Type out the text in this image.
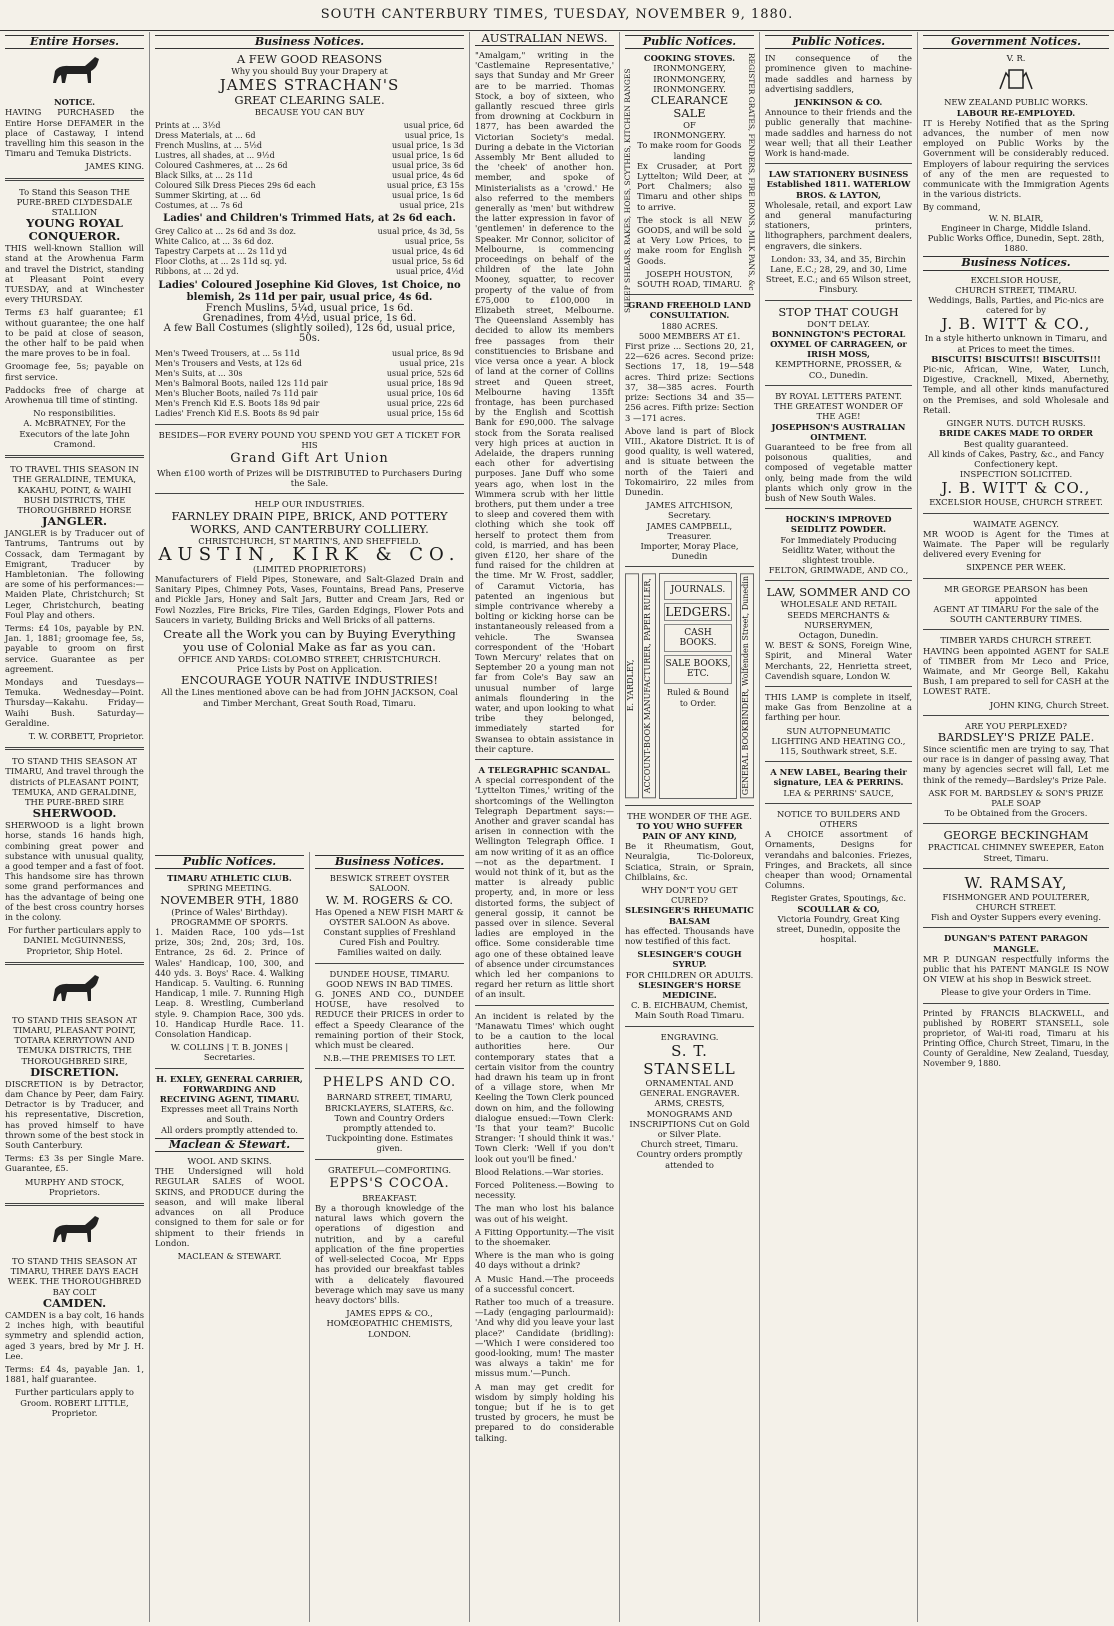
SOUTH CANTERBURY TIMES, TUESDAY, NOVEMBER 9, 1880.
Entire Horses.
NOTICE.

HAVING PURCHASED the Entire Horse DEFAMER in the place of Castaway, I intend travelling him this season in the Timaru and Temuka Districts.

JAMES KING.
To Stand this Season THE PURE-BRED CLYDESDALE STALLION
YOUNG ROYAL CONQUEROR.

THIS well-known Stallion will stand at the Arowhenua Farm and travel the District, standing at Pleasant Point every TUESDAY, and at Winchester every THURSDAY.

Terms £3 half guarantee; £1 without guarantee; the one half to be paid at close of season, the other half to be paid when the mare proves to be in foal.

Groomage fee, 5s; payable on first service.

Paddocks free of charge at Arowhenua till time of stinting.

No responsibilities.
A. McBRATNEY, For the Executors of the late John Cramond.
TO TRAVEL THIS SEASON IN THE GERALDINE, TEMUKA, KAKAHU, POINT, & WAIHI BUSH DISTRICTS, THE THOROUGHBRED HORSE
JANGLER.

JANGLER is by Traducer out of Tantrums, Tantrums out by Cossack, dam Termagant by Emigrant, Traducer by Hambletonian. The following are some of his performances:—Maiden Plate, Christchurch; St Leger, Christchurch, beating Foul Play and others.

Terms: £4 10s, payable by P.N. Jan. 1, 1881; groomage fee, 5s, payable to groom on first service. Guarantee as per agreement.

Mondays and Tuesdays—Temuka. Wednesday—Point. Thursday—Kakahu. Friday—Waihi Bush. Saturday—Geraldine.

T. W. CORBETT, Proprietor.
TO STAND THIS SEASON AT TIMARU, And travel through the districts of PLEASANT POINT, TEMUKA, AND GERALDINE, THE PURE-BRED SIRE
SHERWOOD.

SHERWOOD is a light brown horse, stands 16 hands high, combining great power and substance with unusual quality, a good temper and a fast of foot. This handsome sire has thrown some grand performances and has the advantage of being one of the best cross country horses in the colony.

For further particulars apply to DANIEL McGUINNESS, Proprietor, Ship Hotel.
TO STAND THIS SEASON AT TIMARU, PLEASANT POINT, TOTARA KERRYTOWN AND TEMUKA DISTRICTS, THE THOROUGHBRED SIRE,
DISCRETION.

DISCRETION is by Detractor, dam Chance by Peer, dam Fairy. Detractor is by Traducer, and his representative, Discretion, has proved himself to have thrown some of the best stock in South Canterbury.

Terms: £3 3s per Single Mare. Guarantee, £5.

MURPHY AND STOCK, Proprietors.
TO STAND THIS SEASON AT TIMARU, THREE DAYS EACH WEEK. THE THOROUGHBRED BAY COLT
CAMDEN.

CAMDEN is a bay colt, 16 hands 2 inches high, with beautiful symmetry and splendid action, aged 3 years, bred by Mr J. H. Lee.

Terms: £4 4s, payable Jan. 1, 1881, half guarantee.

Further particulars apply to Groom. ROBERT LITTLE, Proprietor.
Business Notices.
A FEW GOOD REASONS
Why you should Buy your Drapery at
JAMES STRACHAN'S
GREAT CLEARING SALE.
BECAUSE YOU CAN BUY
Prints at ... 3½d	usual price, 6d
Dress Materials, at ... 6d	usual price, 1s
French Muslins, at ... 5½d	usual price, 1s 3d
Lustres, all shades, at ... 9½d	usual price, 1s 6d
Coloured Cashmeres, at ... 2s 6d	usual price, 3s 6d
Black Silks, at ... 2s 11d	usual price, 4s 6d
Coloured Silk Dress Pieces 29s 6d each	usual price, £3 15s
Summer Skirting, at ... 6d	usual price, 1s 6d
Costumes, at ... 7s 6d	usual price, 21s
Ladies' and Children's Trimmed Hats, at 2s 6d each.
Grey Calico at ... 2s 6d and 3s doz.	usual price, 4s 3d, 5s
White Calico, at ... 3s 6d doz.	usual price, 5s
Tapestry Carpets at ... 2s 11d yd	usual price, 4s 6d
Floor Cloths, at ... 2s 11d sq. yd.	usual price, 5s 6d
Ribbons, at ... 2d yd.	usual price, 4½d
Ladies' Coloured Josephine Kid Gloves, 1st Choice, no blemish, 2s 11d per pair, usual price, 4s 6d.
French Muslins, 5¼d, usual price, 1s 6d.
Grenadines, from 4½d, usual price, 1s 6d.
A few Ball Costumes (slightly soiled), 12s 6d, usual price, 50s.
Men's Tweed Trousers, at ... 5s 11d	usual price, 8s 9d
Men's Trousers and Vests, at 12s 6d	usual price, 21s
Men's Suits, at ... 30s	usual price, 52s 6d
Men's Balmoral Boots, nailed 12s 11d pair	usual price, 18s 9d
Men's Blucher Boots, nailed 7s 11d pair	usual price, 10s 6d
Men's French Kid E.S. Boots 18s 9d pair	usual price, 22s 6d
Ladies' French Kid E.S. Boots 8s 9d pair	usual price, 15s 6d
BESIDES—FOR EVERY POUND YOU SPEND YOU GET A TICKET FOR HIS
Grand Gift Art Union
When £100 worth of Prizes will be DISTRIBUTED to Purchasers During the Sale.
HELP OUR INDUSTRIES.
FARNLEY DRAIN PIPE, BRICK, AND POTTERY WORKS, AND CANTERBURY COLLIERY.
CHRISTCHURCH, ST MARTIN'S, AND SHEFFIELD.
AUSTIN, KIRK & CO.
(LIMITED PROPRIETORS)

Manufacturers of Field Pipes, Stoneware, and Salt-Glazed Drain and Sanitary Pipes, Chimney Pots, Vases, Fountains, Bread Pans, Preserve and Pickle Jars, Honey and Salt Jars, Butter and Cream Jars, Red or Fowl Nozzles, Fire Bricks, Fire Tiles, Garden Edgings, Flower Pots and Saucers in variety, Building Bricks and Well Bricks of all patterns.

Create all the Work you can by Buying Everything you use of Colonial Make as far as you can.
OFFICE AND YARDS: COLOMBO STREET, CHRISTCHURCH.
Price Lists by Post on Application.
ENCOURAGE YOUR NATIVE INDUSTRIES!
All the Lines mentioned above can be had from JOHN JACKSON, Coal and Timber Merchant, Great South Road, Timaru.
Public Notices.
TIMARU ATHLETIC CLUB.
SPRING MEETING.
NOVEMBER 9TH, 1880
(Prince of Wales' Birthday).
PROGRAMME OF SPORTS.

1. Maiden Race, 100 yds—1st prize, 30s; 2nd, 20s; 3rd, 10s. Entrance, 2s 6d. 2. Prince of Wales' Handicap, 100, 300, and 440 yds. 3. Boys' Race. 4. Walking Handicap. 5. Vaulting. 6. Running Handicap, 1 mile. 7. Running High Leap. 8. Wrestling, Cumberland style. 9. Champion Race, 300 yds. 10. Handicap Hurdle Race. 11. Consolation Handicap.

W. COLLINS | T. B. JONES | Secretaries.
H. EXLEY, GENERAL CARRIER, FORWARDING AND RECEIVING AGENT, TIMARU.
Expresses meet all Trains North and South.
All orders promptly attended to.
Maclean & Stewart.
WOOL AND SKINS.

THE Undersigned will hold REGULAR SALES of WOOL SKINS, and PRODUCE during the season, and will make liberal advances on all Produce consigned to them for sale or for shipment to their friends in London.

MACLEAN & STEWART.
Business Notices.
BESWICK STREET OYSTER SALOON.
W. M. ROGERS & CO.
Has Opened a NEW FISH MART & OYSTER SALOON As above.
Constant supplies of Freshland Cured Fish and Poultry.
Families waited on daily.
DUNDEE HOUSE, TIMARU.
GOOD NEWS IN BAD TIMES.

G. JONES AND CO., DUNDEE HOUSE, have resolved to REDUCE their PRICES in order to effect a Speedy Clearance of the remaining portion of their Stock, which must be cleared.

N.B.—THE PREMISES TO LET.
PHELPS AND CO.
BARNARD STREET, TIMARU, BRICKLAYERS, SLATERS, &c.
Town and Country Orders promptly attended to.
Tuckpointing done. Estimates given.
GRATEFUL—COMFORTING.
EPPS'S COCOA.
BREAKFAST.

By a thorough knowledge of the natural laws which govern the operations of digestion and nutrition, and by a careful application of the fine properties of well-selected Cocoa, Mr Epps has provided our breakfast tables with a delicately flavoured beverage which may save us many heavy doctors' bills.

JAMES EPPS & CO., HOMŒOPATHIC CHEMISTS, LONDON.
AUSTRALIAN NEWS.

"Amalgam," writing in the 'Castlemaine Representative,' says that Sunday and Mr Greer are to be married. Thomas Stock, a boy of sixteen, who gallantly rescued three girls from drowning at Cockburn in 1877, has been awarded the Victorian Society's medal. During a debate in the Victorian Assembly Mr Bent alluded to the 'cheek' of another hon. member, and spoke of Ministerialists as a 'crowd.' He also referred to the members generally as 'men' but withdrew the latter expression in favor of 'gentlemen' in deference to the Speaker. Mr Connor, solicitor of Melbourne, is commencing proceedings on behalf of the children of the late John Mooney, squatter, to recover property of the value of from £75,000 to £100,000 in Elizabeth street, Melbourne. The Queensland Assembly has decided to allow its members free passages from their constituencies to Brisbane and vice versa once a year. A block of land at the corner of Collins street and Queen street, Melbourne having 135ft frontage, has been purchased by the English and Scottish Bank for £90,000. The salvage stock from the Sorata realised very high prices at auction in Adelaide, the drapers running each other for advertising purposes. Jane Duff who some years ago, when lost in the Wimmera scrub with her little brothers, put them under a tree to sleep and covered them with clothing which she took off herself to protect them from cold, is married, and has been given £120, her share of the fund raised for the children at the time. Mr W. Frost, saddler, of Caramut Victoria, has patented an ingenious but simple contrivance whereby a bolting or kicking horse can be instantaneously released from a vehicle. The Swansea correspondent of the 'Hobart Town Mercury' relates that on September 20 a young man not far from Cole's Bay saw an unusual number of large animals floundering in the water, and upon looking to what tribe they belonged, immediately started for Swansea to obtain assistance in their capture.

A TELEGRAPHIC SCANDAL.

A special correspondent of the 'Lyttelton Times,' writing of the shortcomings of the Wellington Telegraph Department says:—Another and graver scandal has arisen in connection with the Wellington Telegraph Office. I am now writing of it as an office—not as the department. I would not think of it, but as the matter is already public property, and, in more or less distorted forms, the subject of general gossip, it cannot be passed over in silence. Several ladies are employed in the office. Some considerable time ago one of these obtained leave of absence under circumstances which led her companions to regard her return as little short of an insult.

An incident is related by the 'Manawatu Times' which ought to be a caution to the local authorities here. Our contemporary states that a certain visitor from the country had drawn his team up in front of a village store, when Mr Keeling the Town Clerk pounced down on him, and the following dialogue ensued:—Town Clerk: 'Is that your team?' Bucolic Stranger: 'I should think it was.' Town Clerk: 'Well if you don't look out you'll be fined.'

Blood Relations.—War stories.

Forced Politeness.—Bowing to necessity.

The man who lost his balance was out of his weight.

A Fitting Opportunity.—The visit to the shoemaker.

Where is the man who is going 40 days without a drink?

A Music Hand.—The proceeds of a successful concert.

Rather too much of a treasure.—Lady (engaging parlourmaid): 'And why did you leave your last place?' Candidate (bridling):—'Which I were considered too good-looking, mum! The master was always a takin' me for missus mum.'—Punch.

A man may get credit for wisdom by simply holding his tongue; but if he is to get trusted by grocers, he must be prepared to do considerable talking.

Public Notices.
SHEEP SHEARS, RAKES, HOES, SCYTHES, KITCHEN RANGES	REGISTER GRATES, FENDERS, FIRE IRONS, MILK PANS, &c
COOKING STOVES.
IRONMONGERY,
IRONMONGERY,
IRONMONGERY.
CLEARANCE SALE
OF
IRONMONGERY.
To make room for Goods landing

Ex Crusader, at Port Lyttelton; Wild Deer, at Port Chalmers; also Timaru and other ships to arrive.

The stock is all NEW GOODS, and will be sold at Very Low Prices, to make room for English Goods.

JOSEPH HOUSTON,
SOUTH ROAD, TIMARU.
GRAND FREEHOLD LAND CONSULTATION.
1880 ACRES.
5000 MEMBERS AT £1.

First prize ... Sections 20, 21, 22—626 acres. Second prize: Sections 17, 18, 19—548 acres. Third prize: Sections 37, 38—385 acres. Fourth prize: Sections 34 and 35—256 acres. Fifth prize: Section 3 —171 acres.

Above land is part of Block VIII., Akatore District. It is of good quality, is well watered, and is situate between the north of the Taieri and Tokomairiro, 22 miles from Dunedin.

JAMES AITCHISON, Secretary.
JAMES CAMPBELL, Treasurer.
Importer, Moray Place, Dunedin
E. YARDLEY,	ACCOUNT-BOOK MANUFACTURER, PAPER RULER,	JOURNALS.
LEDGERS.
CASH BOOKS.
SALE BOOKS, ETC.
Ruled & Bound to Order.	GENERAL BOOKBINDER, Wolfenden Street, Dunedin
THE WONDER OF THE AGE.
TO YOU WHO SUFFER PAIN OF ANY KIND,

Be it Rheumatism, Gout, Neuralgia, Tic-Doloreux, Sciatica, Strain, or Sprain, Chilblains, &c.

WHY DON'T YOU GET CURED?
SLESINGER'S RHEUMATIC BALSAM

has effected. Thousands have now testified of this fact.

SLESINGER'S COUGH SYRUP.
FOR CHILDREN OR ADULTS.
SLESINGER'S HORSE MEDICINE.
C. B. EICHBAUM, Chemist, Main South Road Timaru.
ENGRAVING.
S. T. STANSELL
ORNAMENTAL AND GENERAL ENGRAVER.
ARMS, CRESTS, MONOGRAMS AND INSCRIPTIONS Cut on Gold or Silver Plate.
Church street, Timaru.
Country orders promptly attended to
Public Notices.

IN consequence of the prominence given to machine-made saddles and harness by advertising saddlers,

JENKINSON & CO.

Announce to their friends and the public generally that machine-made saddles and harness do not wear well; that all their Leather Work is hand-made.

LAW STATIONERY BUSINESS Established 1811. WATERLOW BROS. & LAYTON,

Wholesale, retail, and export Law and general manufacturing stationers, printers, lithographers, parchment dealers, engravers, die sinkers.

London: 33, 34, and 35, Birchin Lane, E.C.; 28, 29, and 30, Lime Street, E.C.; and 65 Wilson street, Finsbury.
STOP THAT COUGH
DON'T DELAY.
BONNINGTON'S PECTORAL OXYMEL OF CARRAGEEN, or IRISH MOSS,
KEMPTHORNE, PROSSER, & CO., Dunedin.
BY ROYAL LETTERS PATENT. THE GREATEST WONDER OF THE AGE!
JOSEPHSON'S AUSTRALIAN OINTMENT.

Guaranteed to be free from all poisonous qualities, and composed of vegetable matter only, being made from the wild plants which only grow in the bush of New South Wales.

HOCKIN'S IMPROVED SEIDLITZ POWDER.
For Immediately Producing Seidlitz Water, without the slightest trouble.
FELTON, GRIMWADE, AND CO.,
LAW, SOMMER AND CO
WHOLESALE AND RETAIL SEEDS MERCHANTS & NURSERYMEN,
Octagon, Dunedin.

W. BEST & SONS, Foreign Wine, Spirit, and Mineral Water Merchants, 22, Henrietta street, Cavendish square, London W.

THIS LAMP is complete in itself, make Gas from Benzoline at a farthing per hour.

SUN AUTOPNEUMATIC LIGHTING AND HEATING CO.,
115, Southwark street, S.E.
A NEW LABEL, Bearing their signature, LEA & PERRINS.
LEA & PERRINS' SAUCE,
NOTICE TO BUILDERS AND OTHERS

A CHOICE assortment of Ornaments, Designs for verandahs and balconies. Friezes, Fringes, and Brackets, all since cheaper than wood; Ornamental Columns.

Register Grates, Spoutings, &c.
SCOULLAR & CO,
Victoria Foundry, Great King street, Dunedin, opposite the hospital.
Government Notices.
V. R.
NEW ZEALAND PUBLIC WORKS.
LABOUR RE-EMPLOYED.

IT is Hereby Notified that as the Spring advances, the number of men now employed on Public Works by the Government will be considerably reduced. Employers of labour requiring the services of any of the men are requested to communicate with the Immigration Agents in the various districts.

By command,
W. N. BLAIR,
Engineer in Charge, Middle Island.
Public Works Office, Dunedin, Sept. 28th, 1880.
Business Notices.
EXCELSIOR HOUSE,
CHURCH STREET, TIMARU.
Weddings, Balls, Parties, and Pic-nics are catered for by
J. B. WITT & CO.,
In a style hitherto unknown in Timaru, and at Prices to meet the times.
BISCUITS! BISCUITS!! BISCUITS!!!

Pic-nic, African, Wine, Water, Lunch, Digestive, Cracknell, Mixed, Abernethy, Temple, and all other kinds manufactured on the Premises, and sold Wholesale and Retail.

GINGER NUTS. DUTCH RUSKS.
BRIDE CAKES MADE TO ORDER
Best quality guaranteed.
All kinds of Cakes, Pastry, &c., and Fancy Confectionery kept.
INSPECTION SOLICITED.
J. B. WITT & CO.,
EXCELSIOR HOUSE, CHURCH STREET.
WAIMATE AGENCY.

MR WOOD is Agent for the Times at Waimate. The Paper will be regularly delivered every Evening for

SIXPENCE PER WEEK.
MR GEORGE PEARSON has been appointed
AGENT AT TIMARU For the sale of the SOUTH CANTERBURY TIMES.
TIMBER YARDS CHURCH STREET.

HAVING been appointed AGENT for SALE of TIMBER from Mr Leco and Price, Waimate, and Mr George Bell, Kakahu Bush, I am prepared to sell for CASH at the LOWEST RATE.

JOHN KING, Church Street.
ARE YOU PERPLEXED?
BARDSLEY'S PRIZE PALE.

Since scientific men are trying to say, That our race is in danger of passing away, That many by agencies secret will fall, Let me think of the remedy—Bardsley's Prize Pale.

ASK FOR M. BARDSLEY & SON'S PRIZE PALE SOAP
To be Obtained from the Grocers.
GEORGE BECKINGHAM
PRACTICAL CHIMNEY SWEEPER, Eaton Street, Timaru.
W. RAMSAY,
FISHMONGER AND POULTERER, CHURCH STREET.
Fish and Oyster Suppers every evening.
DUNGAN'S PATENT PARAGON MANGLE.

MR P. DUNGAN respectfully informs the public that his PATENT MANGLE IS NOW ON VIEW at his shop in Beswick street.

Please to give your Orders in Time.

Printed by FRANCIS BLACKWELL, and published by ROBERT STANSELL, sole proprietor, of Wai-iti road, Timaru at his Printing Office, Church Street, Timaru, in the County of Geraldine, New Zealand, Tuesday, November 9, 1880.
